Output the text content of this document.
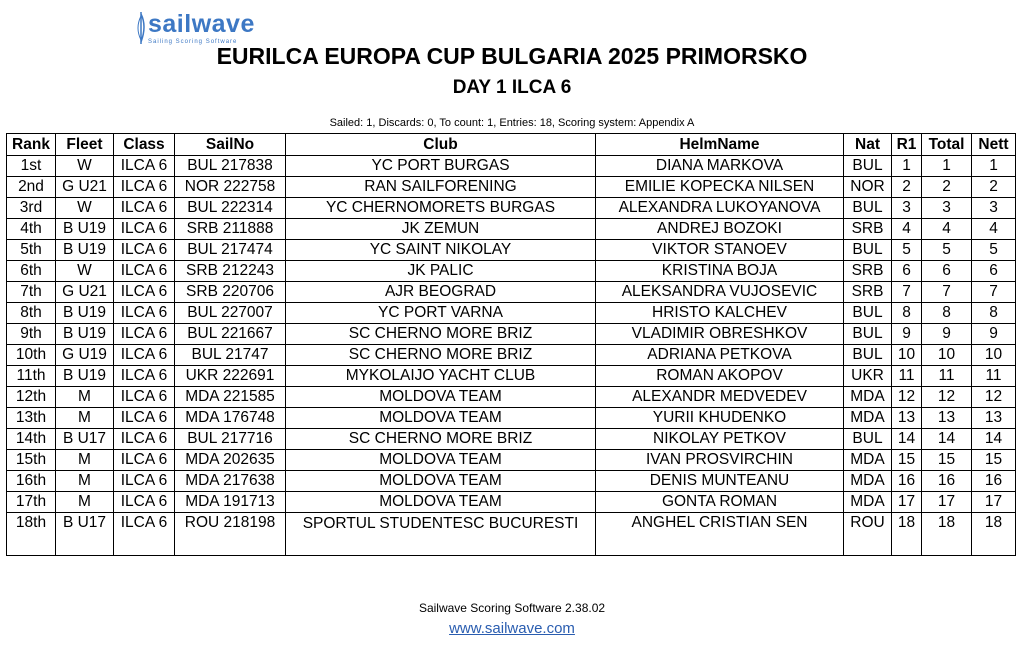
sailwave
Sailing Scoring Software
EURILCA EUROPA CUP BULGARIA 2025 PRIMORSKO
DAY 1 ILCA 6
Sailed: 1, Discards: 0, To count: 1, Entries: 18, Scoring system: Appendix A
Rank	Fleet	Class	SailNo	Club	HelmName	Nat	R1	Total	Nett
1st	W	ILCA 6	BUL 217838	YC PORT BURGAS	DIANA MARKOVA	BUL	1	1	1
2nd	G U21	ILCA 6	NOR 222758	RAN SAILFORENING	EMILIE KOPECKA NILSEN	NOR	2	2	2
3rd	W	ILCA 6	BUL 222314	YC CHERNOMORETS BURGAS	ALEXANDRA LUKOYANOVA	BUL	3	3	3
4th	B U19	ILCA 6	SRB 211888	JK ZEMUN	ANDREJ BOZOKI	SRB	4	4	4
5th	B U19	ILCA 6	BUL 217474	YC SAINT NIKOLAY	VIKTOR STANOEV	BUL	5	5	5
6th	W	ILCA 6	SRB 212243	JK PALIC	KRISTINA BOJA	SRB	6	6	6
7th	G U21	ILCA 6	SRB 220706	AJR BEOGRAD	ALEKSANDRA VUJOSEVIC	SRB	7	7	7
8th	B U19	ILCA 6	BUL 227007	YC PORT VARNA	HRISTO KALCHEV	BUL	8	8	8
9th	B U19	ILCA 6	BUL 221667	SC CHERNO MORE BRIZ	VLADIMIR OBRESHKOV	BUL	9	9	9
10th	G U19	ILCA 6	BUL 21747	SC CHERNO MORE BRIZ	ADRIANA PETKOVA	BUL	10	10	10
11th	B U19	ILCA 6	UKR 222691	MYKOLAIJO YACHT CLUB	ROMAN AKOPOV	UKR	11	11	11
12th	M	ILCA 6	MDA 221585	MOLDOVA TEAM	ALEXANDR MEDVEDEV	MDA	12	12	12
13th	M	ILCA 6	MDA 176748	MOLDOVA TEAM	YURII KHUDENKO	MDA	13	13	13
14th	B U17	ILCA 6	BUL 217716	SC CHERNO MORE BRIZ	NIKOLAY PETKOV	BUL	14	14	14
15th	M	ILCA 6	MDA 202635	MOLDOVA TEAM	IVAN PROSVIRCHIN	MDA	15	15	15
16th	M	ILCA 6	MDA 217638	MOLDOVA TEAM	DENIS MUNTEANU	MDA	16	16	16
17th	M	ILCA 6	MDA 191713	MOLDOVA TEAM	GONTA ROMAN	MDA	17	17	17
18th	B U17	ILCA 6	ROU 218198	SPORTUL STUDENTESC BUCURESTI	ANGHEL CRISTIAN SEN	ROU	18	18	18
Sailwave Scoring Software 2.38.02
www.sailwave.com
